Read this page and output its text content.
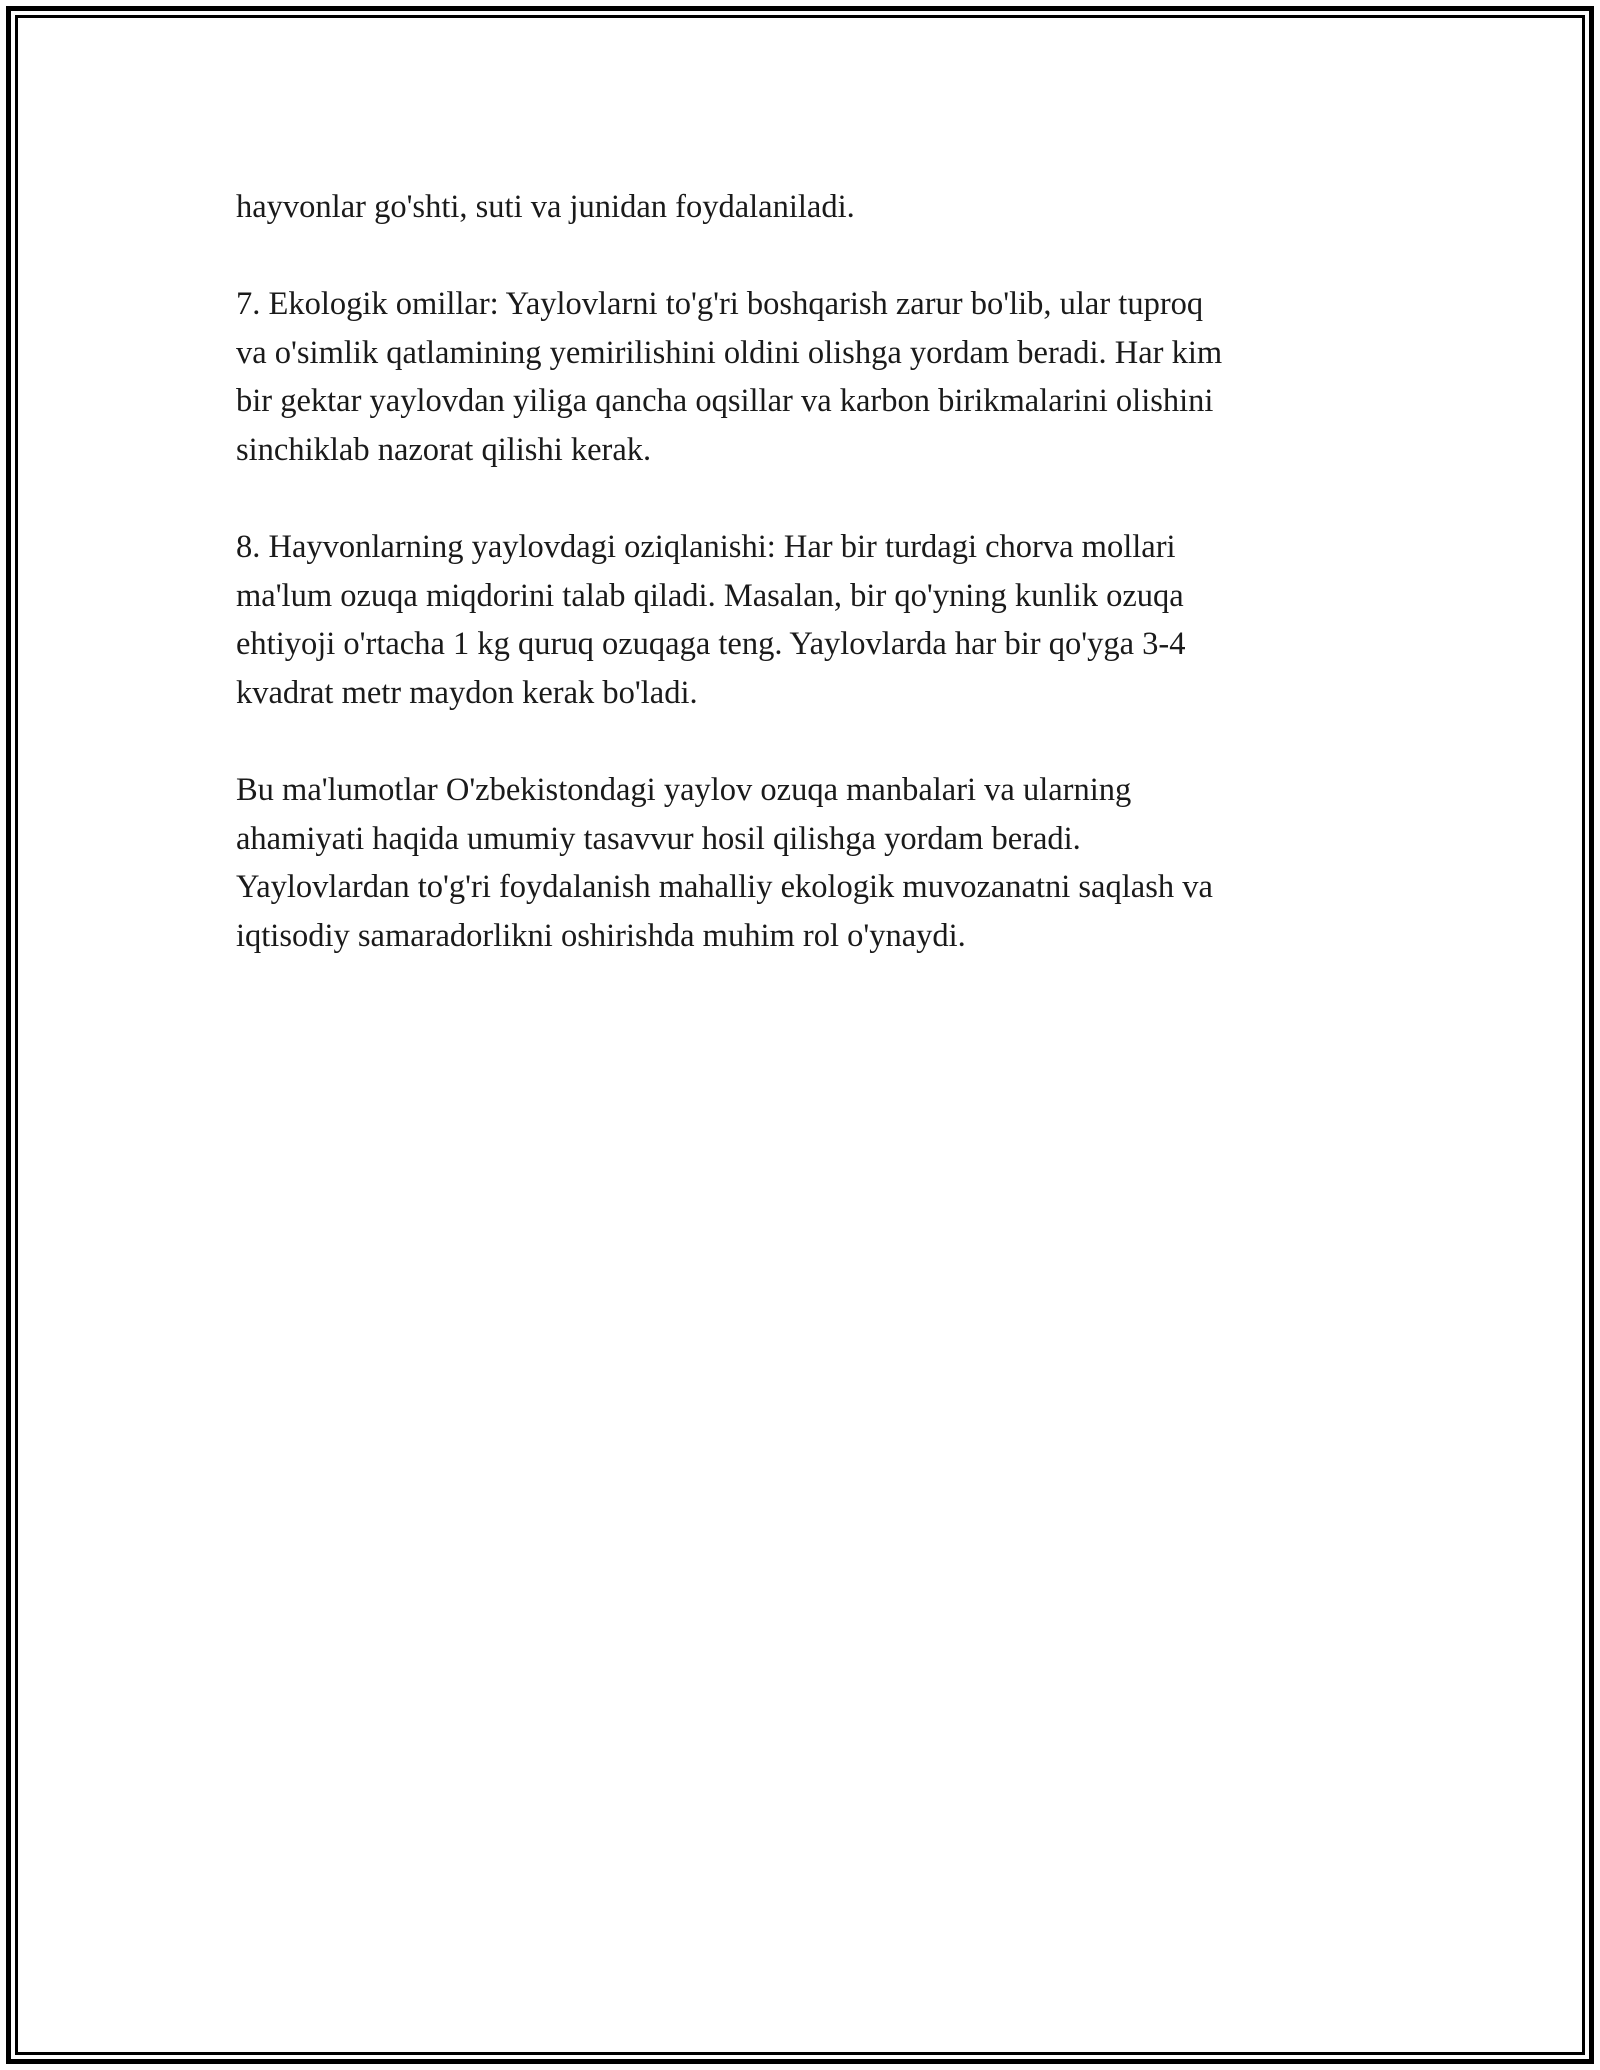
hayvonlar go'shti, suti va junidan foydalaniladi.

7. Ekologik omillar: Yaylovlarni to'g'ri boshqarish zarur bo'lib, ular tuproq
va o'simlik qatlamining yemirilishini oldini olishga yordam beradi. Har kim
bir gektar yaylovdan yiliga qancha oqsillar va karbon birikmalarini olishini
sinchiklab nazorat qilishi kerak.

8. Hayvonlarning yaylovdagi oziqlanishi: Har bir turdagi chorva mollari
ma'lum ozuqa miqdorini talab qiladi. Masalan, bir qo'yning kunlik ozuqa
ehtiyoji o'rtacha 1 kg quruq ozuqaga teng. Yaylovlarda har bir qo'yga 3-4
kvadrat metr maydon kerak bo'ladi.

Bu ma'lumotlar O'zbekistondagi yaylov ozuqa manbalari va ularning
ahamiyati haqida umumiy tasavvur hosil qilishga yordam beradi.
Yaylovlardan to'g'ri foydalanish mahalliy ekologik muvozanatni saqlash va
iqtisodiy samaradorlikni oshirishda muhim rol o'ynaydi.
